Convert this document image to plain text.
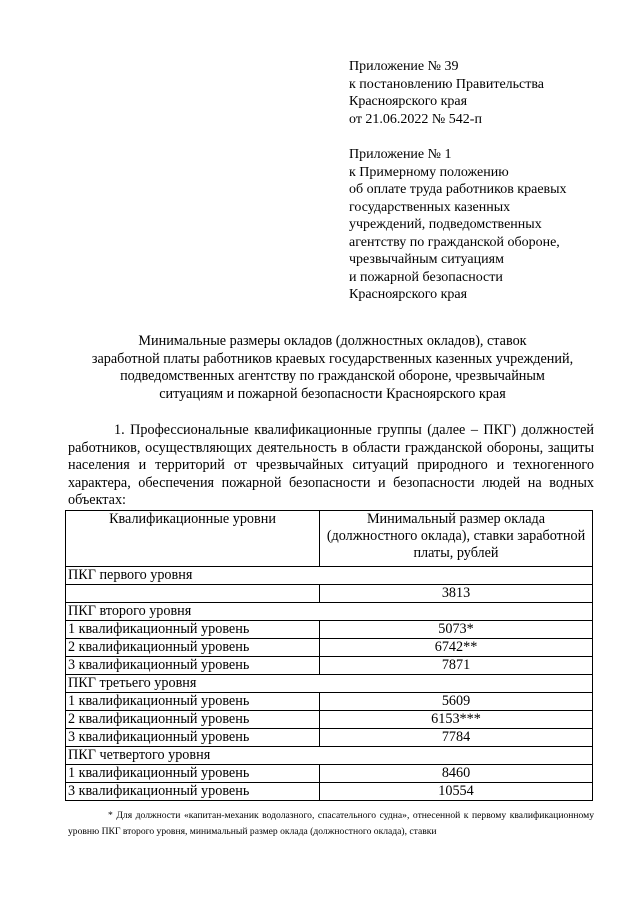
Приложение № 39
к постановлению Правительства
Красноярского края
от 21.06.2022 № 542-п
Приложение № 1
к Примерному положению
об оплате труда работников краевых
государственных казенных
учреждений, подведомственных
агентству по гражданской обороне,
чрезвычайным ситуациям
и пожарной безопасности
Красноярского края
Минимальные размеры окладов (должностных окладов), ставок
заработной платы работников краевых государственных казенных учреждений,
подведомственных агентству по гражданской обороне, чрезвычайным
ситуациям и пожарной безопасности Красноярского края

1. Профессиональные квалификационные группы (далее – ПКГ) должностей работников, осуществляющих деятельность в области гражданской обороны, защиты населения и территорий от чрезвычайных ситуаций природного и техногенного характера, обеспечения пожарной безопасности и безопасности людей на водных объектах:

Квалификационные уровни	Минимальный размер оклада (должностного оклада), ставки заработной платы, рублей
ПКГ первого уровня	
	3813
ПКГ второго уровня	
1 квалификационный уровень	5073*
2 квалификационный уровень	6742**
3 квалификационный уровень	7871
ПКГ третьего уровня	
1 квалификационный уровень	5609
2 квалификационный уровень	6153***
3 квалификационный уровень	7784
ПКГ четвертого уровня	
1 квалификационный уровень	8460
3 квалификационный уровень	10554

* Для должности «капитан-механик водолазного, спасательного судна», отнесенной к первому квалификационному уровню ПКГ второго уровня, минимальный размер оклада (должностного оклада), ставки
